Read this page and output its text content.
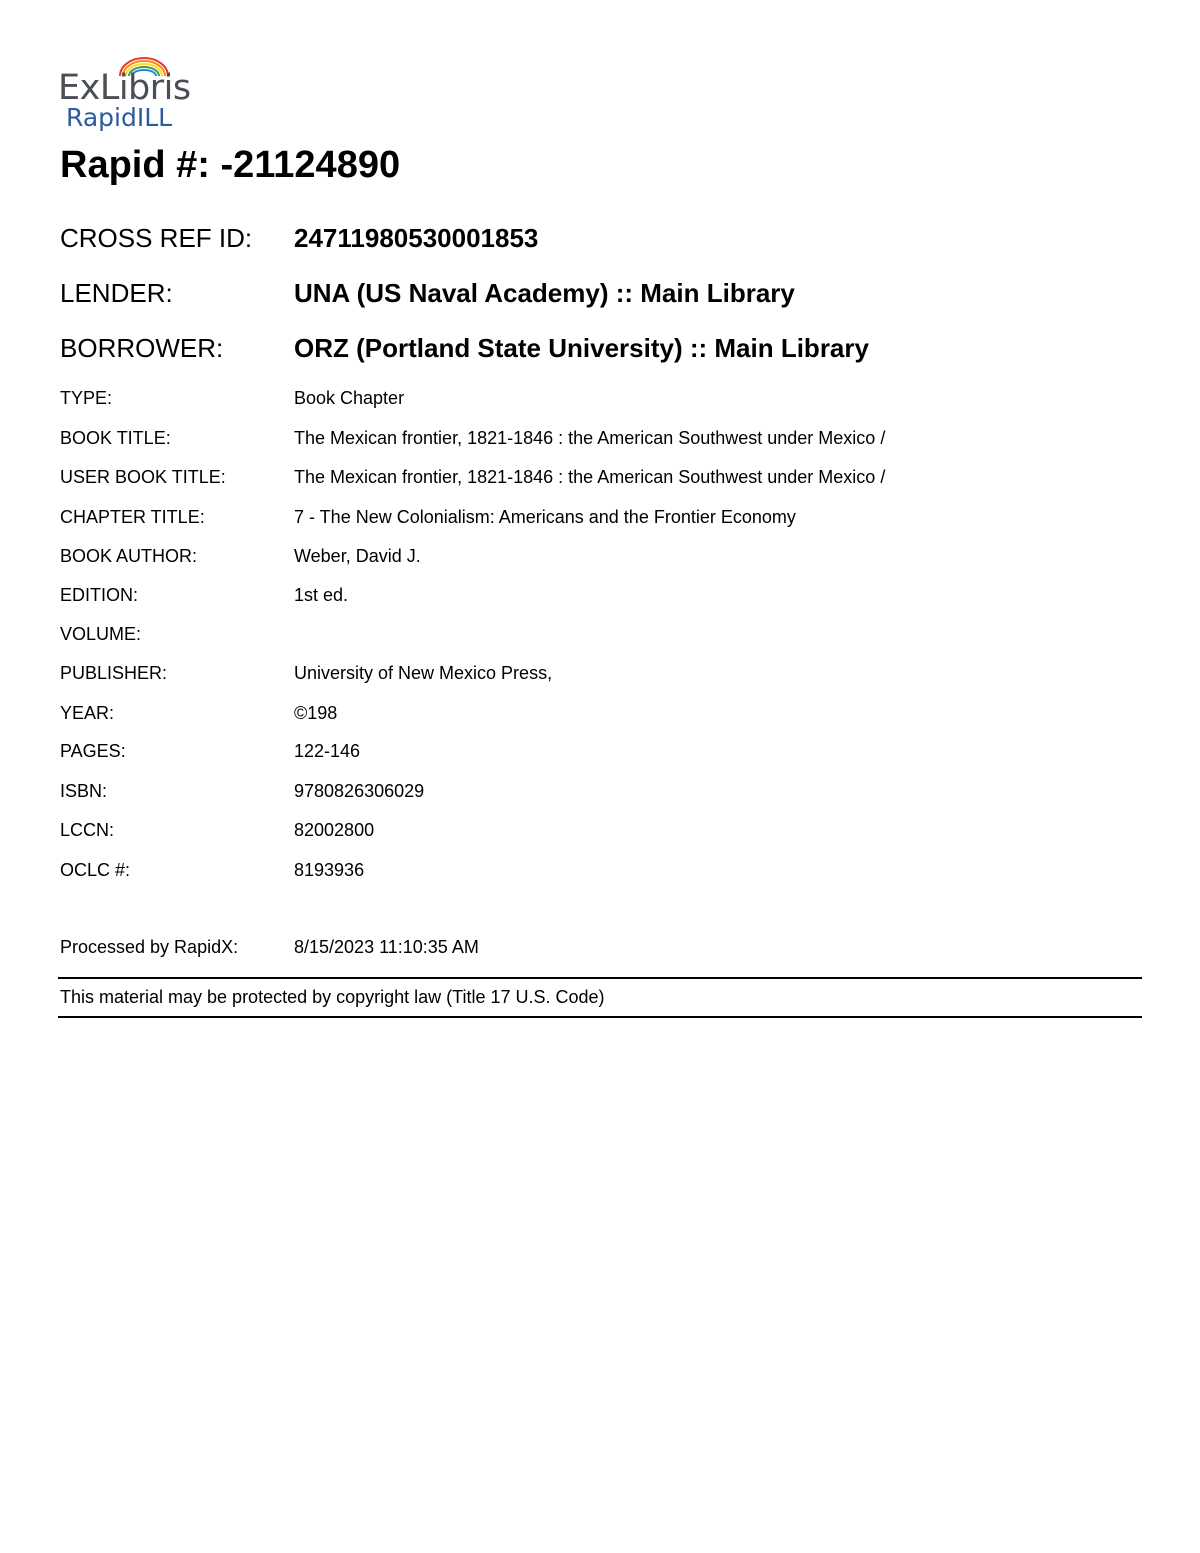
ExLibris
RapidILL
Rapid #: -21124890
CROSS REF ID: 24711980530001853
LENDER:	UNA (US Naval Academy) :: Main Library
BORROWER:	ORZ (Portland State University) :: Main Library
TYPE:	Book Chapter
BOOK TITLE:	The Mexican frontier, 1821-1846 : the American Southwest under Mexico /
USER BOOK TITLE:	The Mexican frontier, 1821-1846 : the American Southwest under Mexico /
CHAPTER TITLE:	7 - The New Colonialism: Americans and the Frontier Economy
BOOK AUTHOR:	Weber, David J.
EDITION:	1st ed.
VOLUME:
PUBLISHER:	University of New Mexico Press,
YEAR:	©198
PAGES:	122-146
ISBN:	9780826306029
LCCN:	82002800
OCLC #:	8193936
Processed by RapidX:	8/15/2023 11:10:35 AM
This material may be protected by copyright law (Title 17 U.S. Code)
